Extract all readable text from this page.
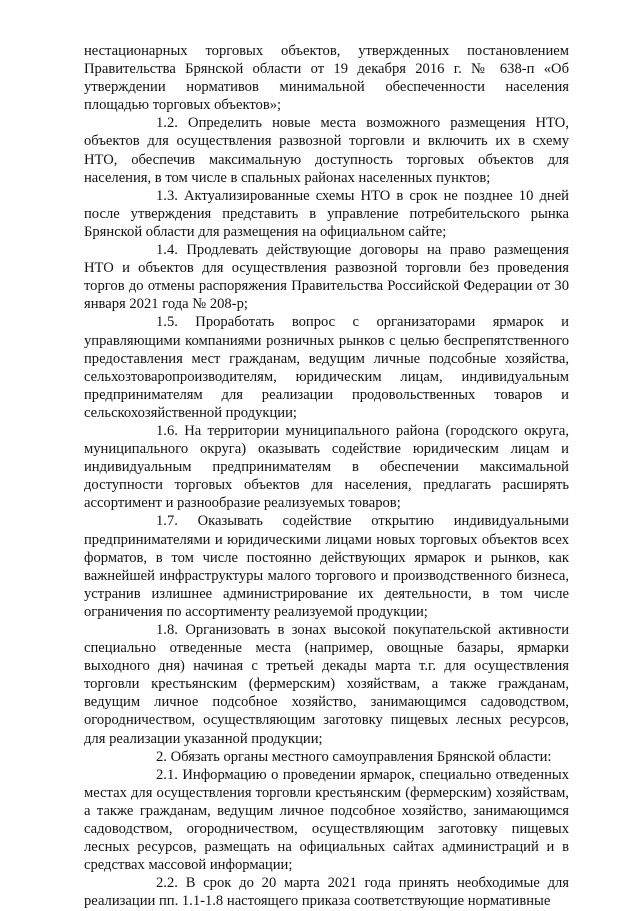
нестационарных торговых объектов, утвержденных постановлением Правительства Брянской области от 19 декабря 2016 г. № 638-п «Об утверждении нормативов минимальной обеспеченности населения площадью торговых объектов»;

1.2. Определить новые места возможного размещения НТО, объектов для осуществления развозной торговли и включить их в схему НТО, обеспечив максимальную доступность торговых объектов для населения, в том числе в спальных районах населенных пунктов;

1.3. Актуализированные схемы НТО в срок не позднее 10 дней после утверждения представить в управление потребительского рынка Брянской области для размещения на официальном сайте;

1.4. Продлевать действующие договоры на право размещения НТО и объектов для осуществления развозной торговли без проведения торгов до отмены распоряжения Правительства Российской Федерации от 30 января 2021 года № 208-р;

1.5. Проработать вопрос с организаторами ярмарок и управляющими компаниями розничных рынков с целью беспрепятственного предоставления мест гражданам, ведущим личные подсобные хозяйства, сельхозтоваропроизводителям, юридическим лицам, индивидуальным предпринимателям для реализации продовольственных товаров и сельскохозяйственной продукции;

1.6. На территории муниципального района (городского округа, муниципального округа) оказывать содействие юридическим лицам и индивидуальным предпринимателям в обеспечении максимальной доступности торговых объектов для населения, предлагать расширять ассортимент и разнообразие реализуемых товаров;

1.7. Оказывать содействие открытию индивидуальными предпринимателями и юридическими лицами новых торговых объектов всех форматов, в том числе постоянно действующих ярмарок и рынков, как важнейшей инфраструктуры малого торгового и производственного бизнеса, устранив излишнее администрирование их деятельности, в том числе ограничения по ассортименту реализуемой продукции;

1.8. Организовать в зонах высокой покупательской активности специально отведенные места (например, овощные базары, ярмарки выходного дня) начиная с третьей декады марта т.г. для осуществления торговли крестьянским (фермерским) хозяйствам, а также гражданам, ведущим личное подсобное хозяйство, занимающимся садоводством, огородничеством, осуществляющим заготовку пищевых лесных ресурсов, для реализации указанной продукции;

2. Обязать органы местного самоуправления Брянской области:

2.1. Информацию о проведении ярмарок, специально отведенных местах для осуществления торговли крестьянским (фермерским) хозяйствам, а также гражданам, ведущим личное подсобное хозяйство, занимающимся садоводством, огородничеством, осуществляющим заготовку пищевых лесных ресурсов, размещать на официальных сайтах администраций и в средствах массовой информации;

2.2. В срок до 20 марта 2021 года принять необходимые для реализации пп. 1.1-1.8 настоящего приказа соответствующие нормативные
